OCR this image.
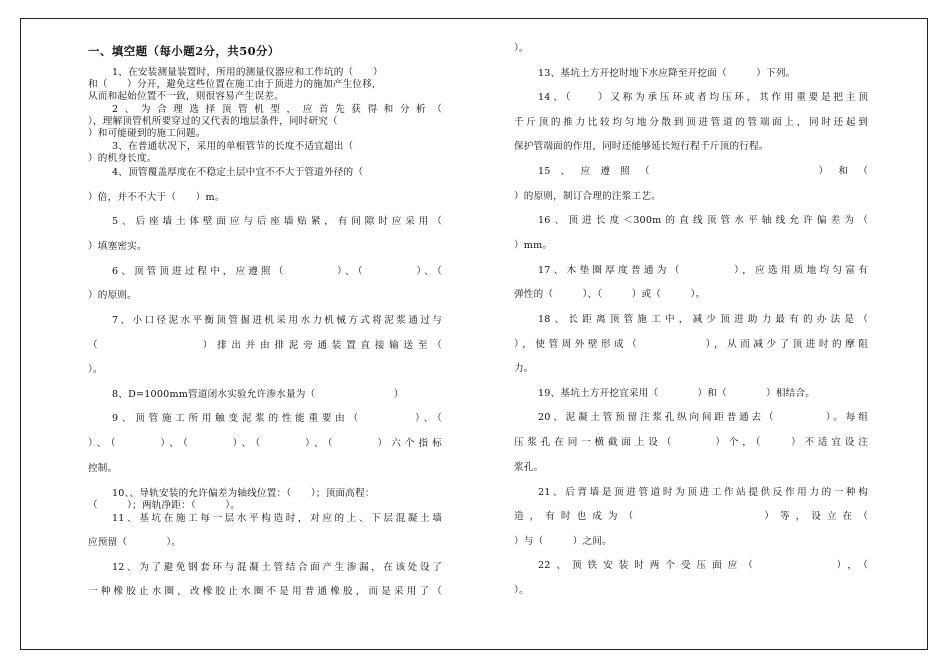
一、填空题（每小题2分，共50分）
1、在安装测量装置时，所用的测量仪器应和工作坑的（　　）
和（　　）分开，避免这些位置在施工由于顶进力的施加产生位移,
从而和起始位置不一致，则很容易产生误差。
2、为合理选择顶管机型，应首先获得和分析（
），理解顶管机所要穿过的又代表的地层条件，同时研究（
）和可能碰到的施工问题。
3、在普通状况下，采用的单根管节的长度不适宜超出（
）的机身长度。
4、顶管覆盖厚度在不稳定土层中宜不不大于管道外径的（
）倍，并不不大于（　　）m。
5、后座墙土体壁面应与后座墙贴紧，有间隙时应采用（
）填塞密实。
6、顶管顶进过程中，应遵照（　　　　）、（　　　　）、（
）的原则。
7、小口径泥水平衡顶管掘进机采用水力机械方式将泥浆通过与
（　　　　　　　）排出并由排泥旁通装置直接输送至（
）。
8、D=1000mm管道闭水实验允许渗水量为（　　　　　　　　）
9、顶管施工所用触变泥浆的性能重要由（　　　　）、（
）、（　　　）、（　　　）、（　　　）、（　　　）六个指标
控制。
10、、导轨安装的允许偏差为轴线位置：（　　）；顶面高程：
（　　　）；两轨净距：（　　　）。
11、基坑在施工每一层水平构造时，对应的上、下层混凝土墙
应预留（　　　　）。
12、为了避免钢套环与混凝土管结合面产生渗漏，在该处设了
一种橡胶止水圈，改橡胶止水圈不是用普通橡胶，而是采用了（
）。
13、基坑土方开挖时地下水应降至开挖面（　　　）下列。
14、（　　）又称为承压环或者均压环，其作用重要是把主顶
千斤顶的推力比较均匀地分散到顶进管道的管端面上，同时还起到
保护管端面的作用，同时还能够延长短行程千斤顶的行程。
15、应遵照（　　　　　　　　）和（
）的原则，制订合理的注浆工艺。
16、顶进长度＜300m的直线顶管水平轴线允许偏差为（
）mm。
17、木垫圈厚度普通为（　　　　），应选用质地均匀富有
弹性的（　　　）、（　　　）或（　　　）。
18、长距离顶管施工中，减少顶进助力最有的办法是（
），使管周外壁形成（　　　　　），从而减少了顶进时的摩阻
力。
19、基坑土方开挖宜采用（　　　　）和（　　　　）相结合。
20、泥凝土管预留注浆孔纵向间距普通去（　　　　）。每组
压浆孔在同一横截面上设（　　　）个，（　　）不适宜设注
浆孔。
21、后背墙是顶进管道时为顶进工作站提供反作用力的一种构
造，有时也成为（　　　　　　　　）等，设立在（
）与（　　　）之间。
22、顶铁安装时两个受压面应（　　　　　），（
）。
